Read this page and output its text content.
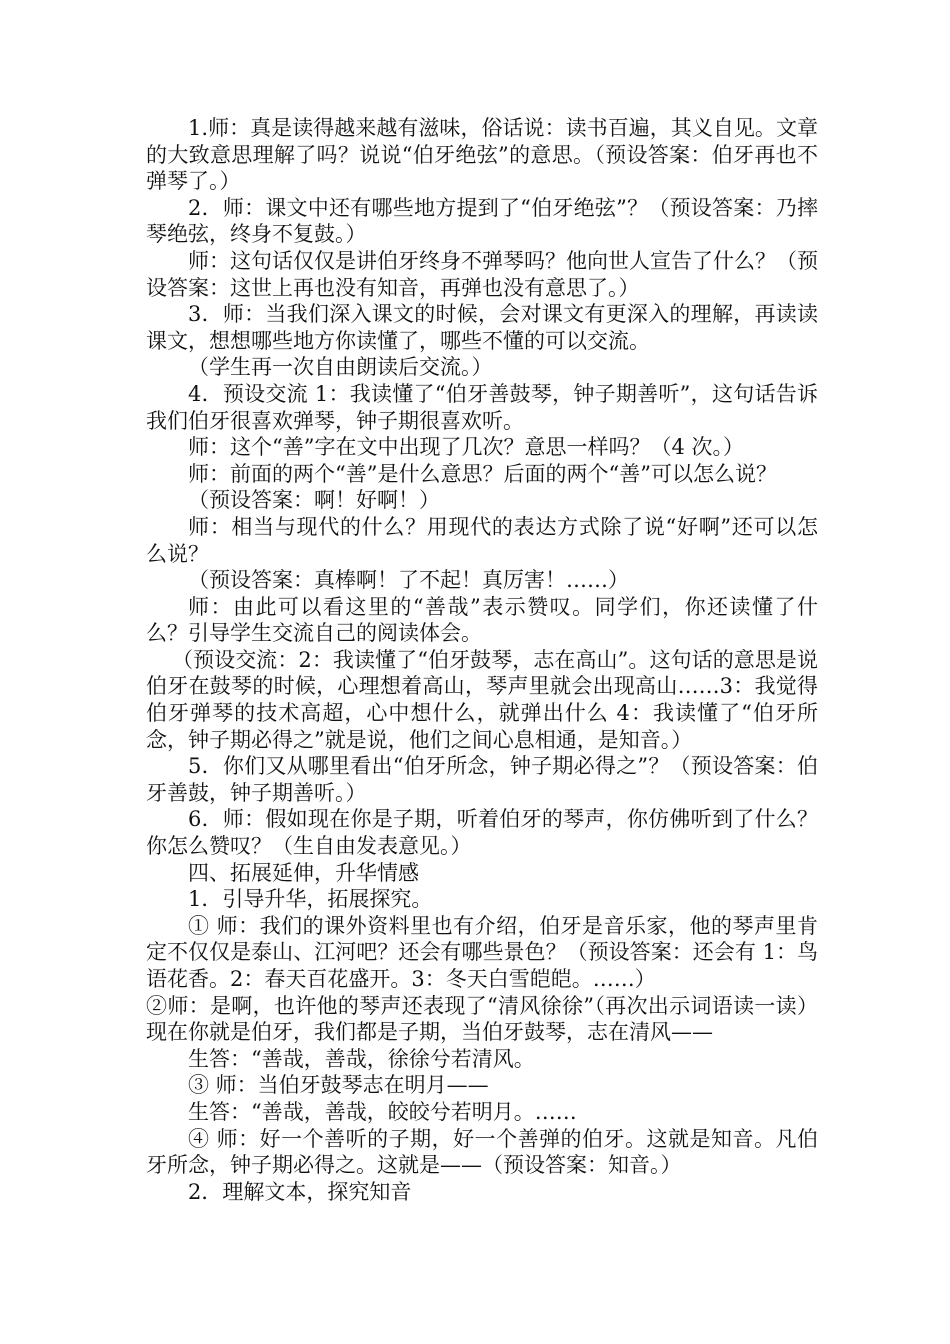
1.师：真是读得越来越有滋味，俗话说：读书百遍，其义自见。文章的大致意思理解了吗？说说“伯牙绝弦”的意思。（预设答案：伯牙再也不弹琴了。）

2．师：课文中还有哪些地方提到了“伯牙绝弦”？（预设答案：乃摔琴绝弦，终身不复鼓。）

师：这句话仅仅是讲伯牙终身不弹琴吗？他向世人宣告了什么？（预设答案：这世上再也没有知音，再弹也没有意思了。）

3．师：当我们深入课文的时候，会对课文有更深入的理解，再读读课文，想想哪些地方你读懂了，哪些不懂的可以交流。

（学生再一次自由朗读后交流。）

4．预设交流 1：我读懂了“伯牙善鼓琴，钟子期善听”，这句话告诉我们伯牙很喜欢弹琴，钟子期很喜欢听。

师：这个“善”字在文中出现了几次？意思一样吗？（4 次。）

师：前面的两个“善”是什么意思？后面的两个“善”可以怎么说？

（预设答案：啊！好啊！）

师：相当与现代的什么？用现代的表达方式除了说“好啊”还可以怎么说？

（预设答案：真棒啊！了不起！真厉害！……）

师：由此可以看这里的“善哉”表示赞叹。同学们，你还读懂了什么？引导学生交流自己的阅读体会。

（预设交流：2：我读懂了“伯牙鼓琴，志在高山”。这句话的意思是说伯牙在鼓琴的时候，心理想着高山，琴声里就会出现高山……3：我觉得伯牙弹琴的技术高超，心中想什么，就弹出什么 4：我读懂了“伯牙所念，钟子期必得之”就是说，他们之间心息相通，是知音。）

5．你们又从哪里看出“伯牙所念，钟子期必得之”？（预设答案：伯牙善鼓，钟子期善听。）

6．师：假如现在你是子期，听着伯牙的琴声，你仿佛听到了什么？你怎么赞叹？（生自由发表意见。）

四、拓展延伸，升华情感

1．引导升华，拓展探究。

① 师：我们的课外资料里也有介绍，伯牙是音乐家，他的琴声里肯定不仅仅是泰山、江河吧？还会有哪些景色？（预设答案：还会有 1：鸟语花香。2：春天百花盛开。3：冬天白雪皑皑。……）

②师：是啊，也许他的琴声还表现了“清风徐徐”（再次出示词语读一读）现在你就是伯牙，我们都是子期，当伯牙鼓琴，志在清风——

生答：“善哉，善哉，徐徐兮若清风。

③ 师：当伯牙鼓琴志在明月——

生答：“善哉，善哉，皎皎兮若明月。……

④ 师：好一个善听的子期，好一个善弹的伯牙。这就是知音。凡伯牙所念，钟子期必得之。这就是——（预设答案：知音。）

2．理解文本，探究知音
